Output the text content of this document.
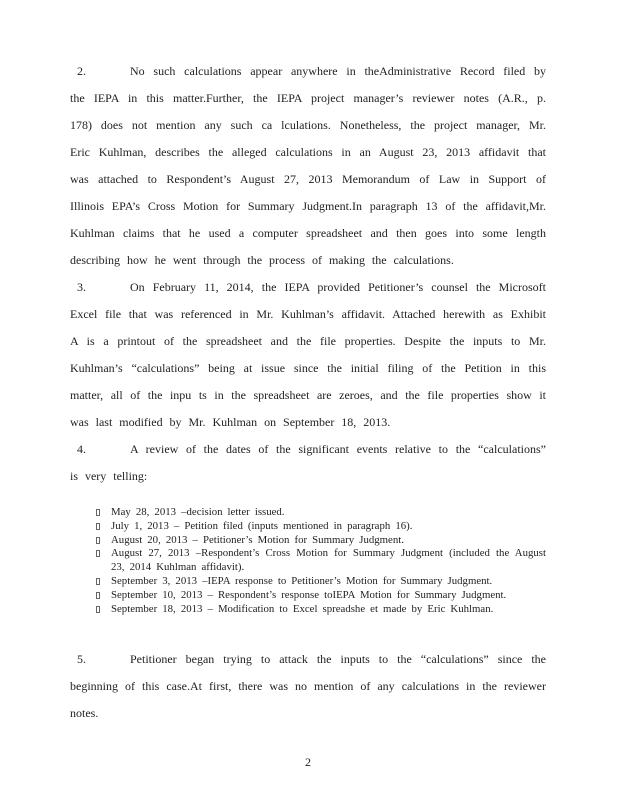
2.	No such calculations appear anywhere in theAdministrative Record filed by the IEPA in this matter.Further, the IEPA project manager’s reviewer notes (A.R., p. 178) does not mention any such ca lculations. Nonetheless, the project manager, Mr. Eric Kuhlman, describes the alleged calculations in an August 23, 2013 affidavit that was attached to Respondent’s August 27, 2013 Memorandum of Law in Support of Illinois EPA’s Cross Motion for Summary Judgment.In paragraph 13 of the affidavit,Mr. Kuhlman claims that he used a computer spreadsheet and then goes into some length describing how he went through the process of making the calculations.

3.	On February 11, 2014, the IEPA provided Petitioner’s counsel the Microsoft Excel file that was referenced in Mr. Kuhlman’s affidavit. Attached herewith as Exhibit A is a printout of the spreadsheet and the file properties. Despite the inputs to Mr. Kuhlman’s “calculations” being at issue since the initial filing of the Petition in this matter, all of the inpu ts in the spreadsheet are zeroes, and the file properties show it was last modified by Mr. Kuhlman on September 18, 2013.

4.	A review of the dates of the significant events relative to the “calculations” is very telling:

May 28, 2013 –decision letter issued.
July 1, 2013 – Petition filed (inputs mentioned in paragraph 16).
August 20, 2013 – Petitioner’s Motion for Summary Judgment.
August 27, 2013 –Respondent’s Cross Motion for Summary Judgment (included the August 23, 2014 Kuhlman affidavit).
September 3, 2013 –IEPA response to Petitioner’s Motion for Summary Judgment.
September 10, 2013 – Respondent’s response toIEPA Motion for Summary Judgment.
September 18, 2013 – Modification to Excel spreadshe et made by Eric Kuhlman.

5.	Petitioner began trying to attack the inputs to the “calculations” since the beginning of this case.At first, there was no mention of any calculations in the reviewer notes.

2
